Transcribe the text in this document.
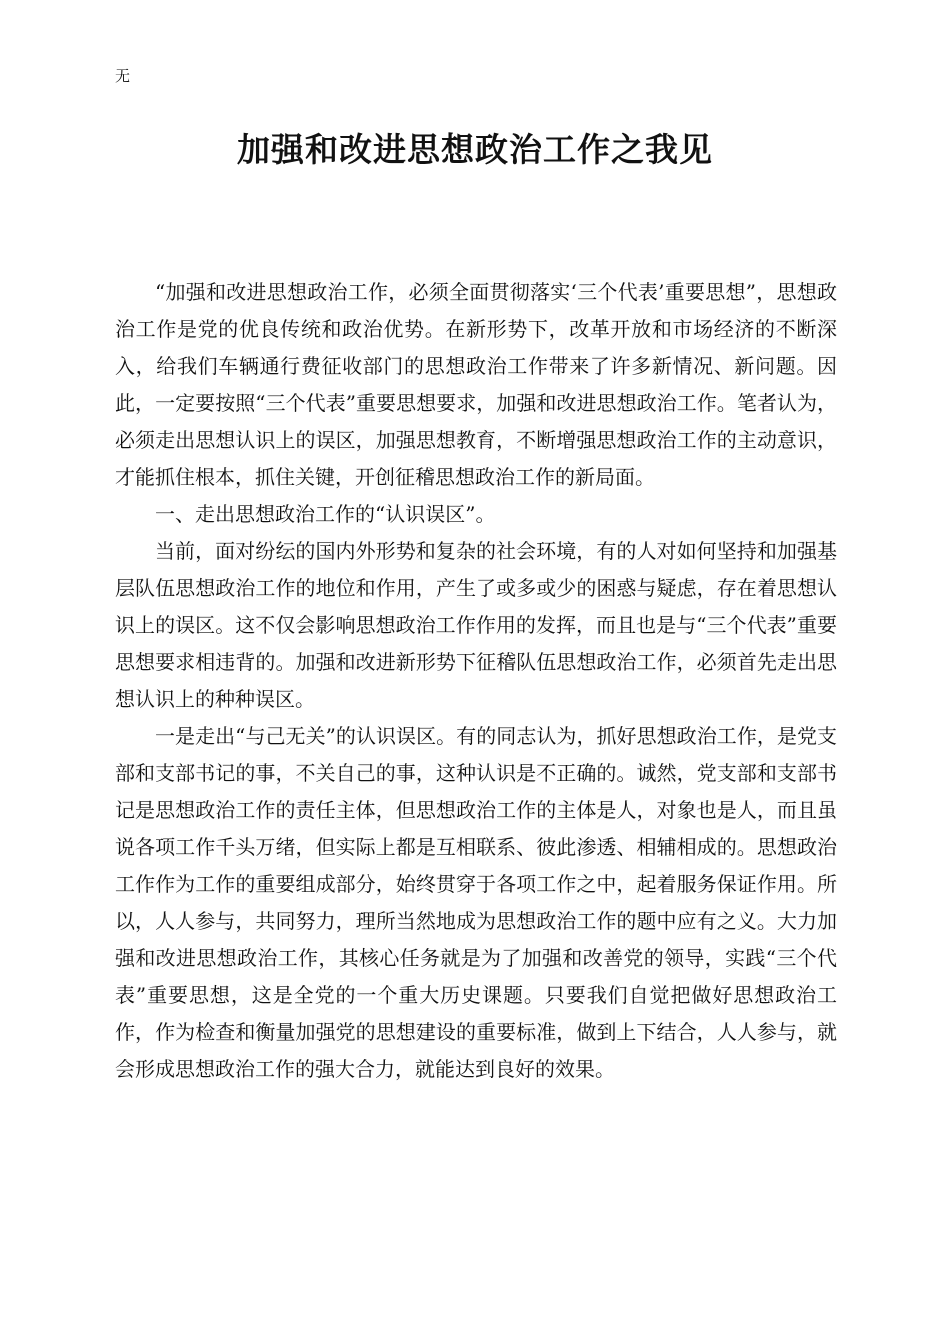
无
加强和改进思想政治工作之我见

“加强和改进思想政治工作，必须全面贯彻落实‘三个代表’重要思想”，思想政治工作是党的优良传统和政治优势。在新形势下，改革开放和市场经济的不断深入，给我们车辆通行费征收部门的思想政治工作带来了许多新情况、新问题。因此，一定要按照“三个代表”重要思想要求，加强和改进思想政治工作。笔者认为，必须走出思想认识上的误区，加强思想教育，不断增强思想政治工作的主动意识，才能抓住根本，抓住关键，开创征稽思想政治工作的新局面。

一、走出思想政治工作的“认识误区”。

当前，面对纷纭的国内外形势和复杂的社会环境，有的人对如何坚持和加强基层队伍思想政治工作的地位和作用，产生了或多或少的困惑与疑虑，存在着思想认识上的误区。这不仅会影响思想政治工作作用的发挥，而且也是与“三个代表”重要思想要求相违背的。加强和改进新形势下征稽队伍思想政治工作，必须首先走出思想认识上的种种误区。

一是走出“与己无关”的认识误区。有的同志认为，抓好思想政治工作，是党支部和支部书记的事，不关自己的事，这种认识是不正确的。诚然，党支部和支部书记是思想政治工作的责任主体，但思想政治工作的主体是人，对象也是人，而且虽说各项工作千头万绪，但实际上都是互相联系、彼此渗透、相辅相成的。思想政治工作作为工作的重要组成部分，始终贯穿于各项工作之中，起着服务保证作用。所以，人人参与，共同努力，理所当然地成为思想政治工作的题中应有之义。大力加强和改进思想政治工作，其核心任务就是为了加强和改善党的领导，实践“三个代表”重要思想，这是全党的一个重大历史课题。只要我们自觉把做好思想政治工作，作为检查和衡量加强党的思想建设的重要标准，做到上下结合，人人参与，就会形成思想政治工作的强大合力，就能达到良好的效果。
